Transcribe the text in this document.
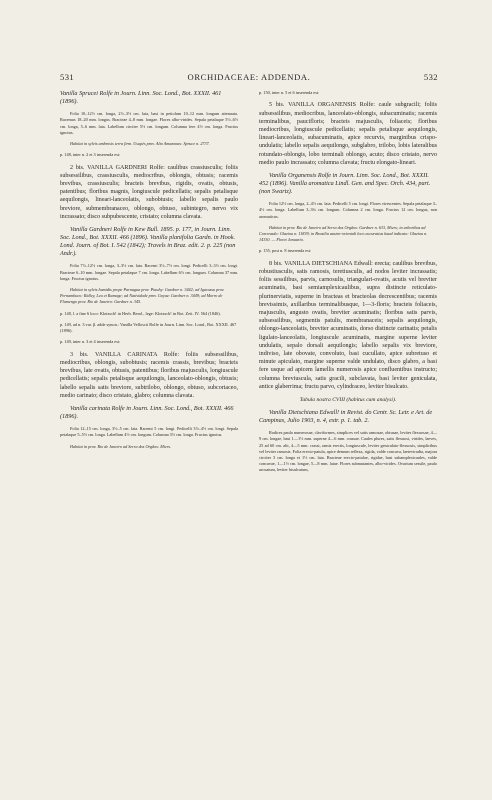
531	ORCHIDACEAE: ADDENDA.	532

Vanilla Sprucei Rolfe in Journ. Linn. Soc. Lond., Bot. XXXII. 461 (1896).

Folia 10–12½ cm. longa, 2½–3½ cm. lata, basi in petiolum 10–12 mm. longum attenuata. Racemus 18–20 mm. longus. Bracteae 4–8 mm. longae. Flores albo-virides. Sepala petalaque 5½–6½ cm. longa, 5–6 mm. lata. Labellum circiter 5½ cm. longum. Columna fere 4½ cm. longa. Fructus ignotus.

Habitat in sylvis umbrosis terra firm. Usupés prov. Alto Amazonas: Spruce n. 2737.

p. 148, inter n. 2 et 3 inserenda est:

2 bis. VANILLA GARDNERI Rolfe: caulibus crassiusculis; foliis subsessilibus, crassiusculis, mediocribus, oblongis, obtusis; racemis brevibus, crassiusculis; bracteis brevibus, rigidis, ovatis, obtusis, patentibus; floribus magnis, longiuscule pedicellatis; sepalis petalisque aequilongis, lineari-lanceolatis, subobtusis; labello sepalis paulo breviore, submembranaceo, oblongo, obtuso, subintegro, nervo vix incrassato; disco subpubescente, cristato; columna clavata.

Vanilla Gardneri Rolfe in Kew Bull. 1895. p. 177, in Journ. Linn. Soc. Lond., Bot. XXXII. 466 (1896). Vanilla planifolia Gardn. in Hook. Lond. Journ. of Bot. I. 542 (1842); Travels in Braz. edit. 2. p. 225 (non Andr.).

Folia 7½–12½ cm. longa, 3–3½ cm. lata. Racemi 3½–7½ cm. longi. Pedicelli 3–3½ cm. longi. Bracteae 6–10 mm. longae. Sepala petalaque 7 cm. longa. Labellum 6½ cm. longum. Columna 37 mm. longa. Fructus ignotus.

Habitat in sylvis humidis prope Parnagua prov. Piauhy: Gardner n. 3442; ad Igarassu prov. Pernambuco: Ridley, Lea et Ramage; ad Natividade prov. Goyaz: Gardner n. 3449; ad Morro de Flamengo prov. Rio de Janeiro: Gardner n. 345.

p. 148, l. a fine 6 loco: Klotzsch! in Herb. Berol., lege: Klotzsch! in Bot. Zeit. IV. 564 (1846).

p. 149, ad n. 3 var. β. adde synon.: Vanilla Velloscii Rolfe in Journ. Linn. Soc. Lond., Bot. XXXII. 467 (1896).

p. 149, inter n. 3 et 4 inserenda est:

3 bis. VANILLA CARINATA Rolfe: foliis subsessilibus, mediocribus, oblongis, subobtusis; racemis crassis, brevibus; bracteis brevibus, late ovatis, obtusis, patentibus; floribus majusculis, longiuscule pedicellatis; sepalis petalisque aequilongis, lanceolato-oblongis, obtusis; labello sepalis satis breviore, subtrilobo, oblongo, obtuso, subcoriaceo, medio carinato; disco cristato, glabro; columna clavata.

Vanilla carinata Rolfe in Journ. Linn. Soc. Lond., Bot. XXXII. 466 (1896).

Folia 12–15 cm. longa, 3½–5 cm. lata. Racemi 5 cm. longi. Pedicelli 3½–4½ cm. longi. Sepala petalaque 5–5½ cm. longa. Labellum 4½ cm. longum. Columna 3½ cm. longa. Fructus ignotus.

Habitat in prov. Rio de Janeiro ad Serra dos Orgãos: Miers.

p. 150, inter n. 5 et 6 inserenda est:

5 bis. VANILLA ORGANENSIS Rolfe: caule subgracili; foliis subsessilibus, mediocribus, lanceolato-oblongis, subacuminatis; racemis terminalibus, paucifloris; bracteis majusculis, foliaceis; floribus mediocribus, longiuscule pedicellatis; sepalis petalisque aequilongis, lineari-lanceolatis, subacuminatis, apice recurvis, marginibus crispo-undulatis; labello sepalis aequilongo, subglabro, trilobo, lobis lateralibus rotundato-oblongis, lobo terminali oblongo, acuto; disco cristato, nervo medio paulo incrassato; columna clavata; fructu elongato-lineari.

Vanilla Organensis Rolfe in Journ. Linn. Soc. Lond., Bot. XXXII. 452 (1896). Vanilla aromatica Lindl. Gen. and Spec. Orch. 434, part. (non Swartz).

Folia 12½ cm. longa, 2–4½ cm. lata. Pedicelli 5 cm. longi. Flores virescentes. Sepala petalaque 3–4½ cm. longa. Labellum 3–3¾ cm. longum. Columna 2 cm. longa. Fructus 12 cm. longus, non aromaticus.

Habitat in prov. Rio de Janeiro ad Serra dos Orgãos: Gardner n. 633, Miers; in arboribus ad Corcovado: Glaziou n. 11839; in Brasilia austro-orientali loco accuratius haud indicato: Glaziou n. 14330. — Floret Januario.

p. 155, post n. 8 inserenda est:

8 bis. VANILLA DIETSCHIANA Edwall: erecta; caulibus brevibus, robustiusculis, satis ramosis, teretiusculis, ad nodos leviter incrassatis; foliis sessilibus, parvis, carnosulis, triangulari-ovatis, acutis vel breviter acuminatis, basi semiamplexicaulibus, supra distincte reticulato-plurinerviatis, superne in bracteas et bracteolas decrescentibus; racemis brevissimis, axillaribus terminalibusque, 1—3-floris; bracteis foliaceis, majusculis, angusto ovatis, breviter acuminatis; floribus satis parvis, subsessilibus, segmentis patulis, membranaceis; sepalis aequilongis, oblongo-lanceolatis, breviter acuminatis, dorso distincte carinatis; petalis ligulato-lanceolatis, longiuscule acuminatis, margine superne leviter undulatis, sepalo dorsali aequilongis; labello sepalis vix breviore, indiviso, late obovate, convoluto, basi cucullato, apice subretuso et minute apiculato, margine superne valde undulato, disco glabro, a basi fere usque ad apicem lamellis numerosis apice confluentibus instructo; columna breviuscula, satis gracili, subclavata, basi leviter geniculata, antice glaberrima; fructu parvo, cylindraceo, leviter bisulcato.

Tabula nostra CVIII (habitus cum analysi).

Vanilla Dietschiana Edwall! in Revist. do Centr. Sc. Letr. e Art. de Campinas, Julio 1903, n. 4, extr. p. 1. tab. 2.

Radices paulo numerosae, claviformes, simplices vel satis ramosae, obtusae, leviter flexuosae, 4—9 cm. longae, basi 1—1½ mm. superne 4—6 mm. crassae. Caules plures, satis flexuosi, virides, laeves, 25 ad 60 cm. alti, 4—5 mm. crassi, ramis erectis, longiuscule, leviter geniculato-flexuosis, simplicibus vel leviter ramosis. Folia erecto-patula, apice demum reflexa, rigida, valde concava, laetevirudia, majora circiter 3 cm. longa et 1½ cm. lata. Bracteae erecto-patulae, rigidae, basi subamplexicaules, valde concavae, 1—1½ cm. longae, 5—8 mm. latae. Flores submutantes, albo-virides. Ovarium sessile, paulo arcuatum, leviter bisulcatum,
